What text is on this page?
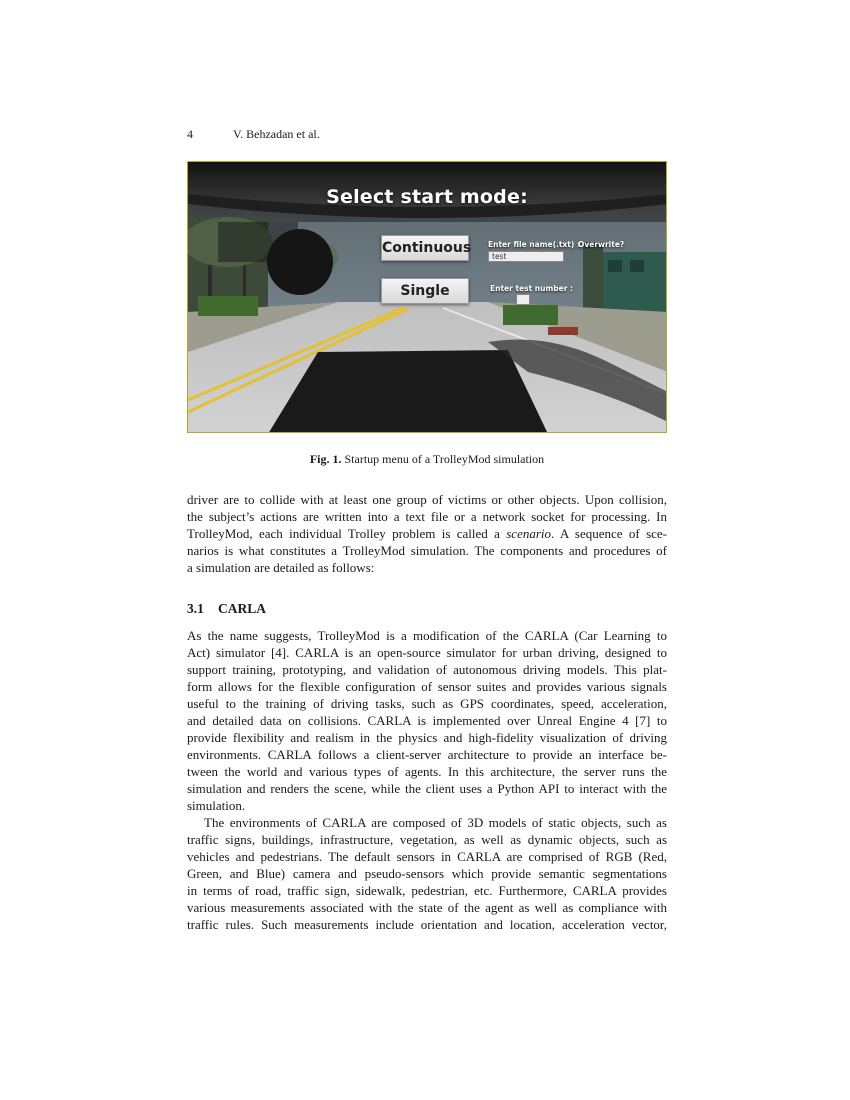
4	V. Behzadan et al.
Select start mode:
Continuous
Single
Enter file name(.txt) :
test
Overwrite?
Enter test number :
Fig. 1. Startup menu of a TrolleyMod simulation
driver are to collide with at least one group of victims or other objects. Upon collision,
the subject’s actions are written into a text file or a network socket for processing. In
TrolleyMod, each individual Trolley problem is called a scenario. A sequence of sce-
narios is what constitutes a TrolleyMod simulation. The components and procedures of
a simulation are detailed as follows:
3.1 CARLA
As the name suggests, TrolleyMod is a modification of the CARLA (Car Learning to
Act) simulator [4]. CARLA is an open-source simulator for urban driving, designed to
support training, prototyping, and validation of autonomous driving models. This plat-
form allows for the flexible configuration of sensor suites and provides various signals
useful to the training of driving tasks, such as GPS coordinates, speed, acceleration,
and detailed data on collisions. CARLA is implemented over Unreal Engine 4 [7] to
provide flexibility and realism in the physics and high-fidelity visualization of driving
environments. CARLA follows a client-server architecture to provide an interface be-
tween the world and various types of agents. In this architecture, the server runs the
simulation and renders the scene, while the client uses a Python API to interact with the
simulation.
The environments of CARLA are composed of 3D models of static objects, such as
traffic signs, buildings, infrastructure, vegetation, as well as dynamic objects, such as
vehicles and pedestrians. The default sensors in CARLA are comprised of RGB (Red,
Green, and Blue) camera and pseudo-sensors which provide semantic segmentations
in terms of road, traffic sign, sidewalk, pedestrian, etc. Furthermore, CARLA provides
various measurements associated with the state of the agent as well as compliance with
traffic rules. Such measurements include orientation and location, acceleration vector,
